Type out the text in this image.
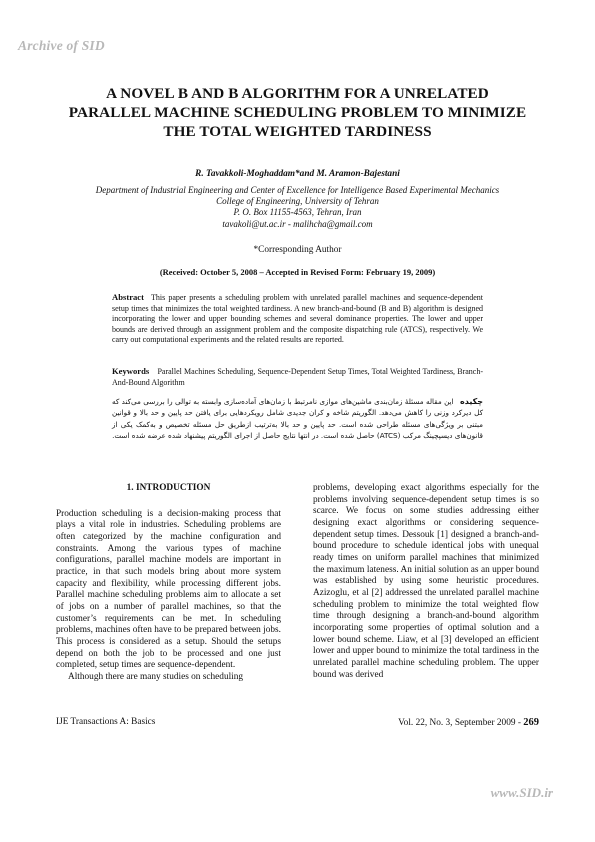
Archive of SID
A NOVEL B AND B ALGORITHM FOR A UNRELATED
PARALLEL MACHINE SCHEDULING PROBLEM TO MINIMIZE
THE TOTAL WEIGHTED TARDINESS
R. Tavakkoli-Moghaddam*and M. Aramon-Bajestani
Department of Industrial Engineering and Center of Excellence for Intelligence Based Experimental Mechanics
College of Engineering, University of Tehran
P. O. Box 11155-4563, Tehran, Iran
tavakoli@ut.ac.ir - malihcha@gmail.com
*Corresponding Author
(Received: October 5, 2008 – Accepted in Revised Form: February 19, 2009)
Abstract This paper presents a scheduling problem with unrelated parallel machines and sequence-dependent setup times that minimizes the total weighted tardiness. A new branch-and-bound (B and B) algorithm is designed incorporating the lower and upper bounding schemes and several dominance properties. The lower and upper bounds are derived through an assignment problem and the composite dispatching rule (ATCS), respectively. We carry out computational experiments and the related results are reported.
Keywords Parallel Machines Scheduling, Sequence-Dependent Setup Times, Total Weighted Tardiness, Branch-And-Bound Algorithm
چکیده این مقاله مسئلهٔ زمان‌بندی ماشین‌های موازی نامرتبط با زمان‌های آماده‌سازی وابسته به توالی را بررسی می‌کند که کل دیرکرد وزنی را کاهش می‌دهد. الگوریتم شاخه و کران جدیدی شامل رویکردهایی برای یافتن حد پایین و حد بالا و قوانین مبتنی بر ویژگی‌های مسئله طراحی شده است. حد پایین و حد بالا به‌ترتیب ازطریق حل مسئله تخصیص و به‌کمک یکی از قانون‌های دیسپچینگ مرکب (ATCS) حاصل شده است. در انتها نتایج حاصل از اجرای الگوریتم پیشنهاد شده عرضه شده است.
1. INTRODUCTION

Production scheduling is a decision-making process that plays a vital role in industries. Scheduling problems are often categorized by the machine configuration and constraints. Among the various types of machine configurations, parallel machine models are important in practice, in that such models bring about more system capacity and flexibility, while processing different jobs. Parallel machine scheduling problems aim to allocate a set of jobs on a number of parallel machines, so that the customer’s requirements can be met. In scheduling problems, machines often have to be prepared between jobs. This process is considered as a setup. Should the setups depend on both the job to be processed and one just completed, setup times are sequence-dependent.

Although there are many studies on scheduling

problems, developing exact algorithms especially for the problems involving sequence-dependent setup times is so scarce. We focus on some studies addressing either designing exact algorithms or considering sequence-dependent setup times. Dessouk [1] designed a branch-and-bound procedure to schedule identical jobs with unequal ready times on uniform parallel machines that minimized the maximum lateness. An initial solution as an upper bound was established by using some heuristic procedures. Azizoglu, et al [2] addressed the unrelated parallel machine scheduling problem to minimize the total weighted flow time through designing a branch-and-bound algorithm incorporating some properties of optimal solution and a lower bound scheme. Liaw, et al [3] developed an efficient lower and upper bound to minimize the total tardiness in the unrelated parallel machine scheduling problem. The upper bound was derived

IJE Transactions A: Basics	Vol. 22, No. 3, September 2009 - 269
www.SID.ir
